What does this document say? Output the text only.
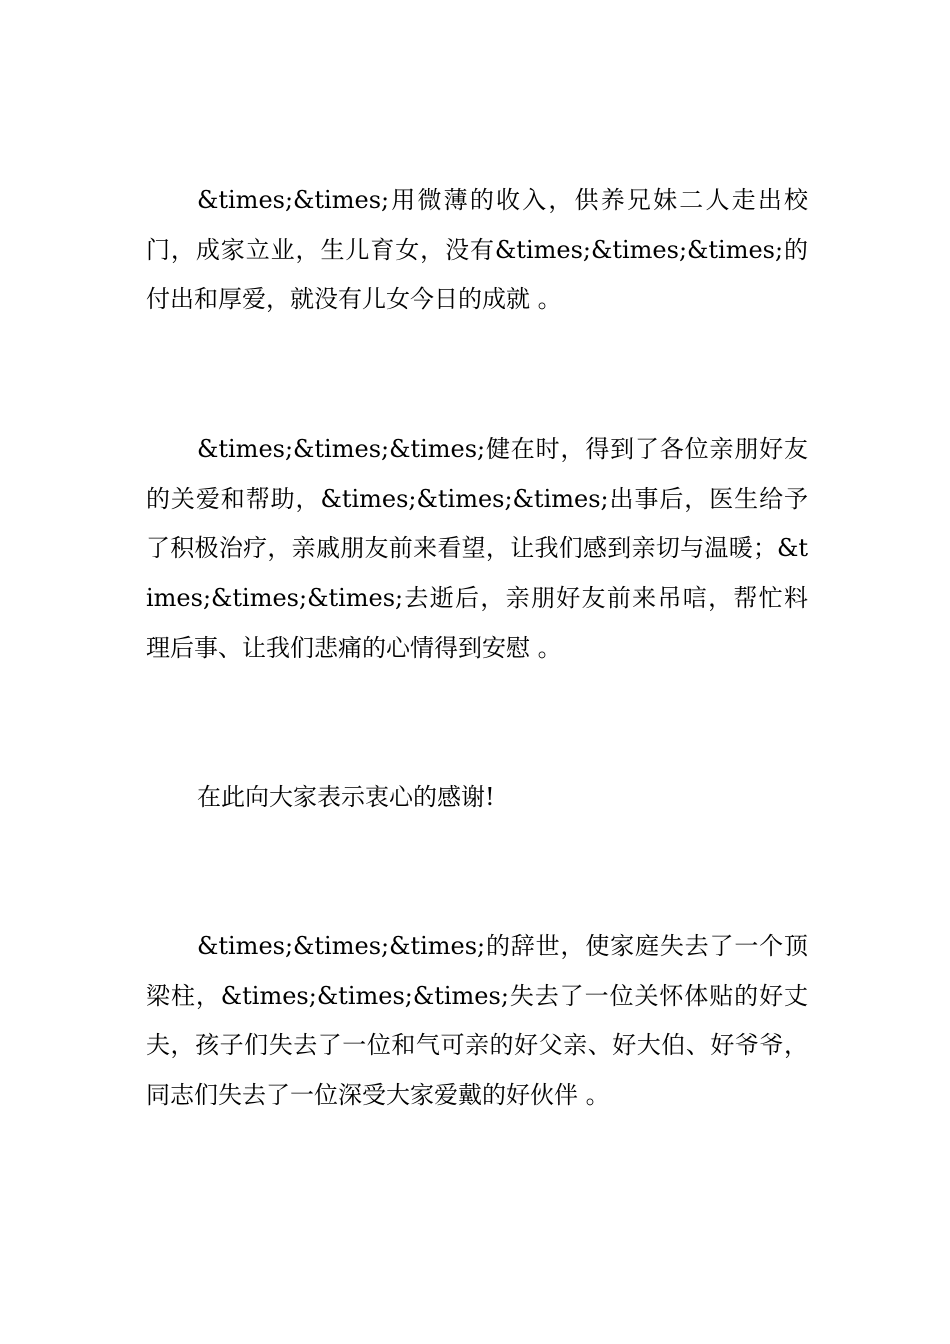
&times;&times;用微薄的收入，供养兄妹二人走出校门，成家立业，生儿育女，没有&times;&times;&times;的付出和厚爱，就没有儿女今日的成就 。

&times;&times;&times;健在时，得到了各位亲朋好友的关爱和帮助，&times;&times;&times;出事后，医生给予了积极治疗，亲戚朋友前来看望，让我们感到亲切与温暖；&times;&times;&times;去逝后，亲朋好友前来吊唁，帮忙料理后事、让我们悲痛的心情得到安慰 。

在此向大家表示衷心的感谢!

&times;&times;&times;的辞世，使家庭失去了一个顶梁柱，&times;&times;&times;失去了一位关怀体贴的好丈夫，孩子们失去了一位和气可亲的好父亲、好大伯、好爷爷，同志们失去了一位深受大家爱戴的好伙伴 。
